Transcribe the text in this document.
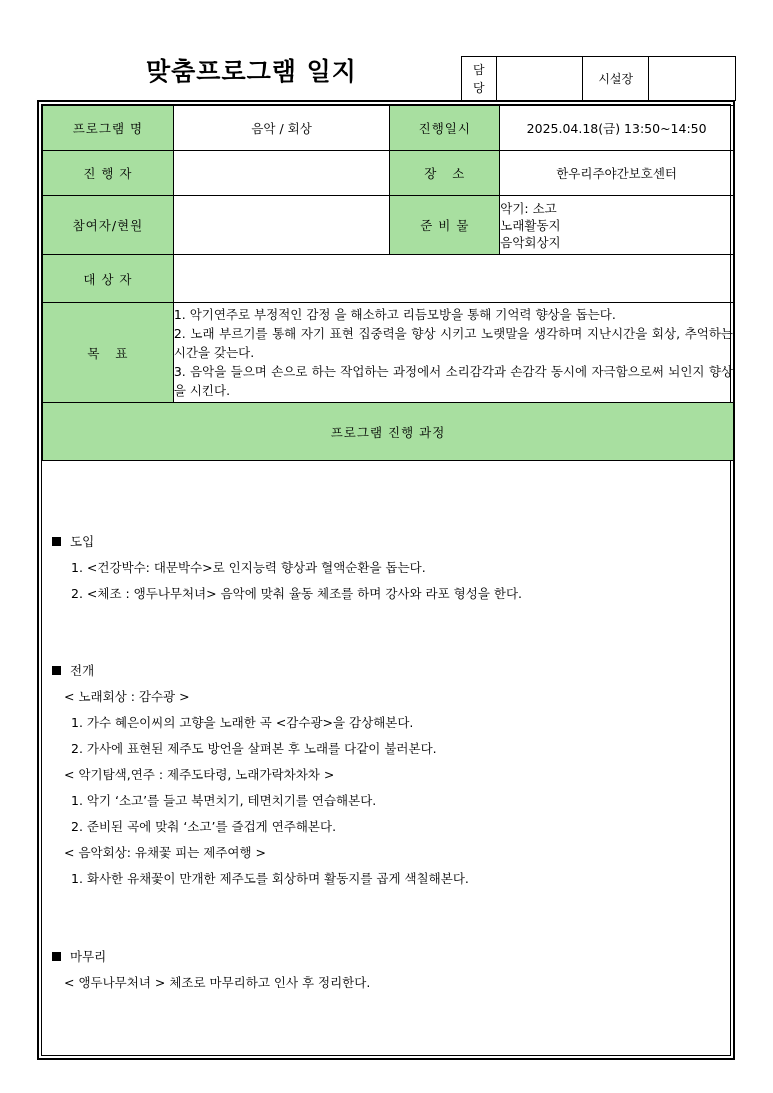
맞춤프로그램 일지	담
당
		시설장	
프로그램 명	음악 / 회상	진행일시	2025.04.18(금) 13:50~14:50
진 행 자		장   소	한우리주야간보호센터
참여자/현원		준 비 물	악기: 소고
노래활동지
음악회상지

대 상 자			
목   표	1. 악기연주로 부정적인 감정 을 해소하고 리듬모방을 통해 기억력 향상을 돕는다.
2. 노래 부르기를 통해 자기 표현 집중력을 향상 시키고 노랫말을 생각하며 지난시간을 회상, 추억하는 시간을 갖는다.
3. 음악을 들으며 손으로 하는 작업하는 과정에서 소리감각과 손감각 동시에 자극함으로써 뇌인지 향상을 시킨다.		

프로그램 진행 과정			
도입
1. <건강박수: 대문박수>로 인지능력 향상과 혈액순환을 돕는다.
2. <체조 : 앵두나무처녀> 음악에 맞춰 율동 체조를 하며 강사와 라포 형성을 한다.
전개
< 노래회상 : 감수광 >
1. 가수 혜은이씨의 고향을 노래한 곡 <감수광>을 감상해본다.
2. 가사에 표현된 제주도 방언을 살펴본 후 노래를 다같이 불러본다.
< 악기탐색,연주 : 제주도타령, 노래가락차차차 >
1. 악기 ‘소고’를 들고 북면치기, 테면치기를 연습해본다.
2. 준비된 곡에 맞춰 ‘소고’를 즐겁게 연주해본다.
< 음악회상: 유채꽃 피는 제주여행 >
1. 화사한 유채꽃이 만개한 제주도를 회상하며 활동지를 곱게 색칠해본다.
마무리
< 앵두나무처녀 > 체조로 마무리하고 인사 후 정리한다.
